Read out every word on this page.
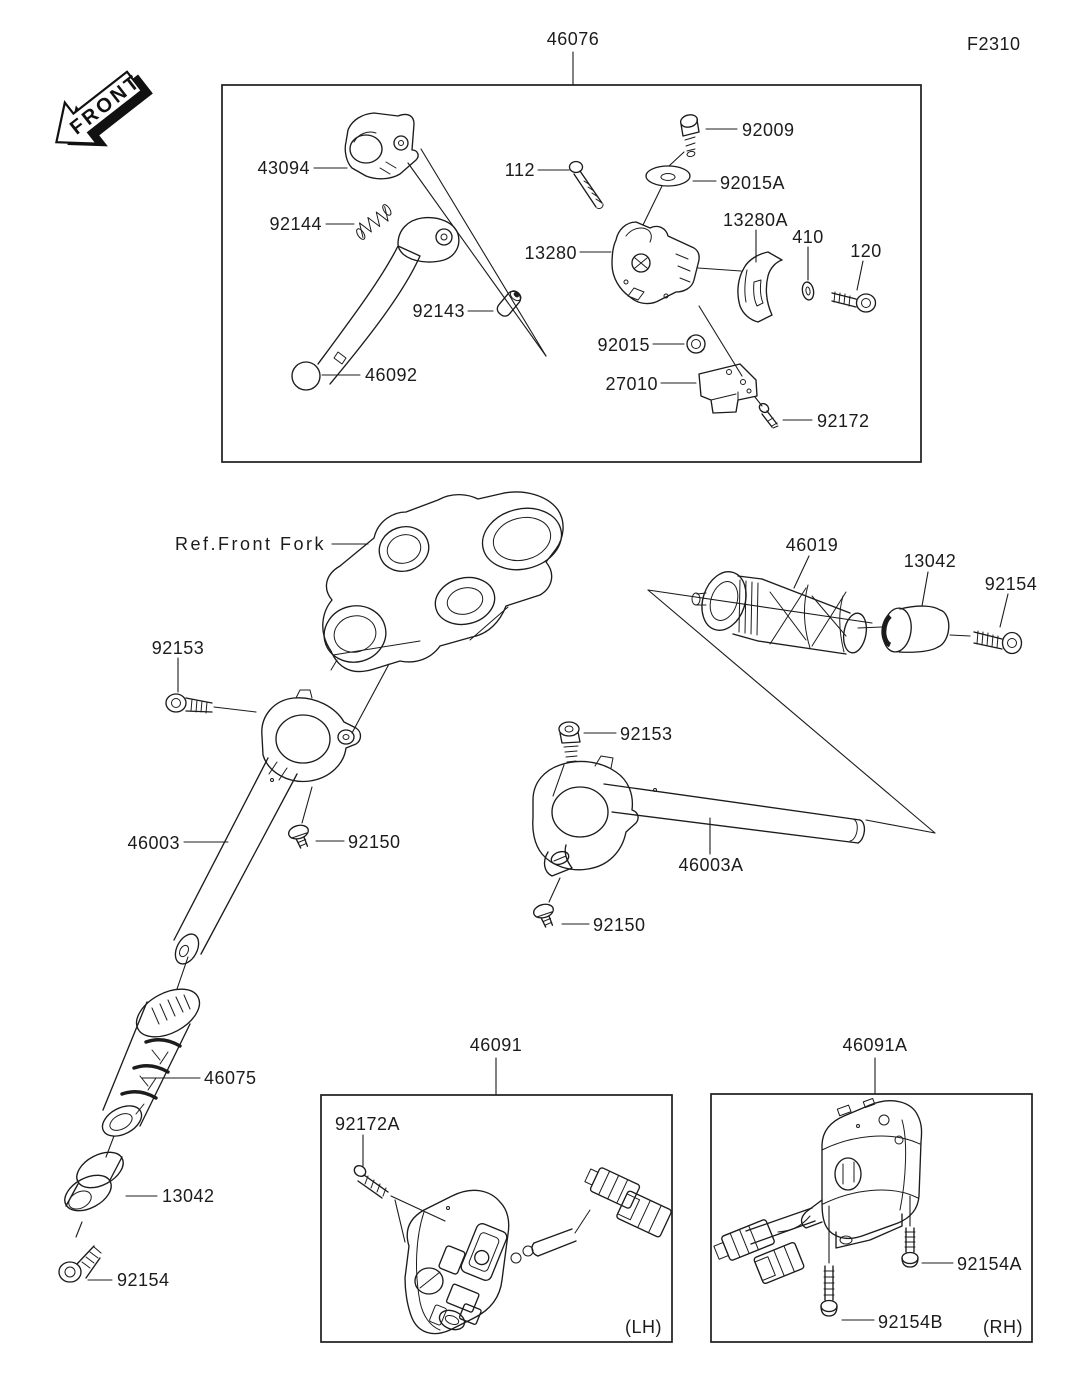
FRONT
F2310
46076
43094
92144
112
92009
92015A
13280
13280A
410
120
92015
27010
92172
46092
92143
Ref.Front Fork
92153
46003	92150
46075
13042
92154
46019
13042
92154
92153
46003A
92150
46091
92172A
(LH)
46091A
92154A
92154B (RH)
